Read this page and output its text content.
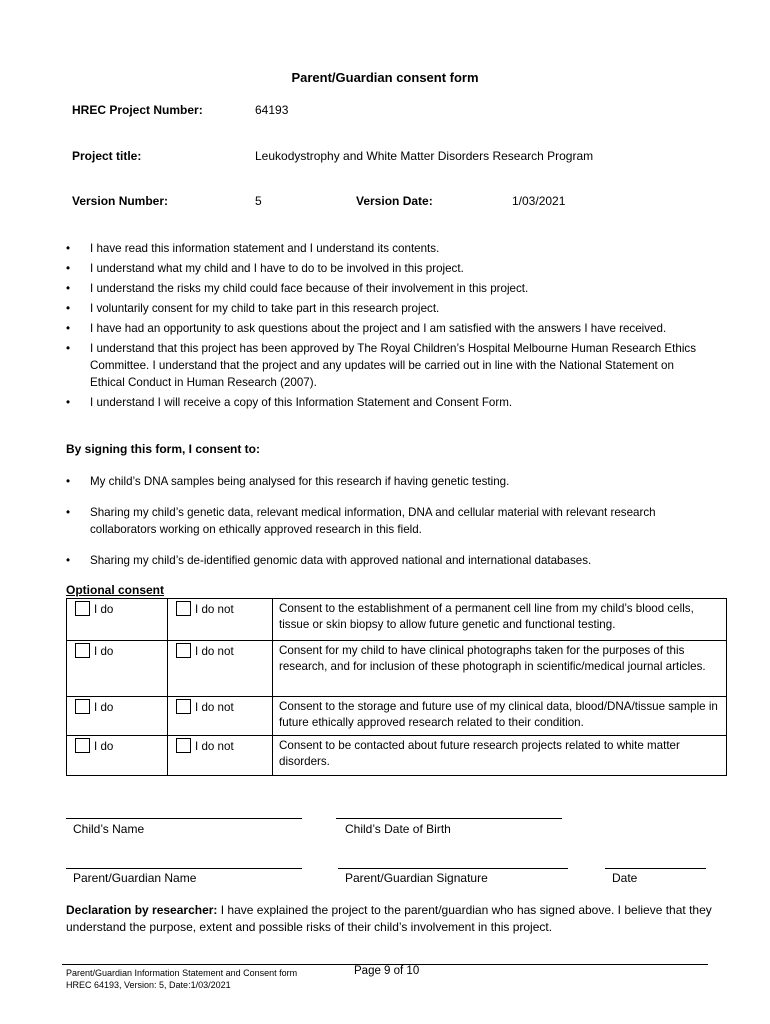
Parent/Guardian consent form
HREC Project Number:	64193
Project title:	Leukodystrophy and White Matter Disorders Research Program
Version Number:	5	Version Date:	1/03/2021
• I have read this information statement and I understand its contents.
• I understand what my child and I have to do to be involved in this project.
• I understand the risks my child could face because of their involvement in this project.
• I voluntarily consent for my child to take part in this research project.
• I have had an opportunity to ask questions about the project and I am satisfied with the answers I have received.
• I understand that this project has been approved by The Royal Children’s Hospital Melbourne Human Research Ethics Committee. I understand that the project and any updates will be carried out in line with the National Statement on Ethical Conduct in Human Research (2007).
• I understand I will receive a copy of this Information Statement and Consent Form.
By signing this form, I consent to:
• My child’s DNA samples being analysed for this research if having genetic testing.
• Sharing my child’s genetic data, relevant medical information, DNA and cellular material with relevant research collaborators working on ethically approved research in this field.
• Sharing my child’s de-identified genomic data with approved national and international databases.
Optional consent
I do	I do not	Consent to the establishment of a permanent cell line from my child’s blood cells, tissue or skin biopsy to allow future genetic and functional testing.
I do	I do not	Consent for my child to have clinical photographs taken for the purposes of this research, and for inclusion of these photograph in scientific/medical journal articles.
I do	I do not	Consent to the storage and future use of my clinical data, blood/DNA/tissue sample in future ethically approved research related to their condition.
I do	I do not	Consent to be contacted about future research projects related to white matter disorders.
Child’s Name	Child’s Date of Birth
Parent/Guardian Name	Parent/Guardian Signature	Date
Declaration by researcher: I have explained the project to the parent/guardian who has signed above. I believe that they understand the purpose, extent and possible risks of their child’s involvement in this project.
Parent/Guardian Information Statement and Consent form
HREC 64193, Version: 5, Date:1/03/2021
Page 9 of 10
